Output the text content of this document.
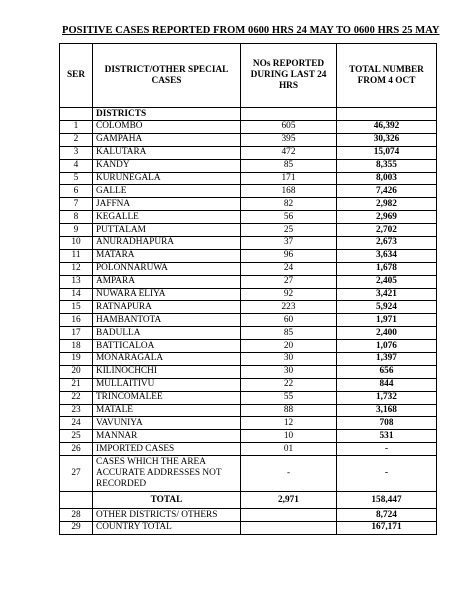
POSITIVE CASES REPORTED FROM 0600 HRS 24 MAY TO 0600 HRS 25 MAY
SER	DISTRICT/OTHER SPECIAL CASES	NOs REPORTED DURING LAST 24 HRS	TOTAL NUMBER FROM 4 OCT
	DISTRICTS		
1	COLOMBO	605	46,392
2	GAMPAHA	395	30,326
3	KALUTARA	472	15,074
4	KANDY	85	8,355
5	KURUNEGALA	171	8,003
6	GALLE	168	7,426
7	JAFFNA	82	2,982
8	KEGALLE	56	2,969
9	PUTTALAM	25	2,702
10	ANURADHAPURA	37	2,673
11	MATARA	96	3,634
12	POLONNARUWA	24	1,678
13	AMPARA	27	2,405
14	NUWARA ELIYA	92	3,421
15	RATNAPURA	223	5,924
16	HAMBANTOTA	60	1,971
17	BADULLA	85	2,400
18	BATTICALOA	20	1,076
19	MONARAGALA	30	1,397
20	KILINOCHCHI	30	656
21	MULLAITIVU	22	844
22	TRINCOMALEE	55	1,732
23	MATALE	88	3,168
24	VAVUNIYA	12	708
25	MANNAR	10	531
26	IMPORTED CASES	01	-
27	CASES WHICH THE AREA ACCURATE ADDRESSES NOT RECORDED	-	-
	TOTAL	2,971	158,447
28	OTHER DISTRICTS/ OTHERS		8,724
29	COUNTRY TOTAL		167,171
